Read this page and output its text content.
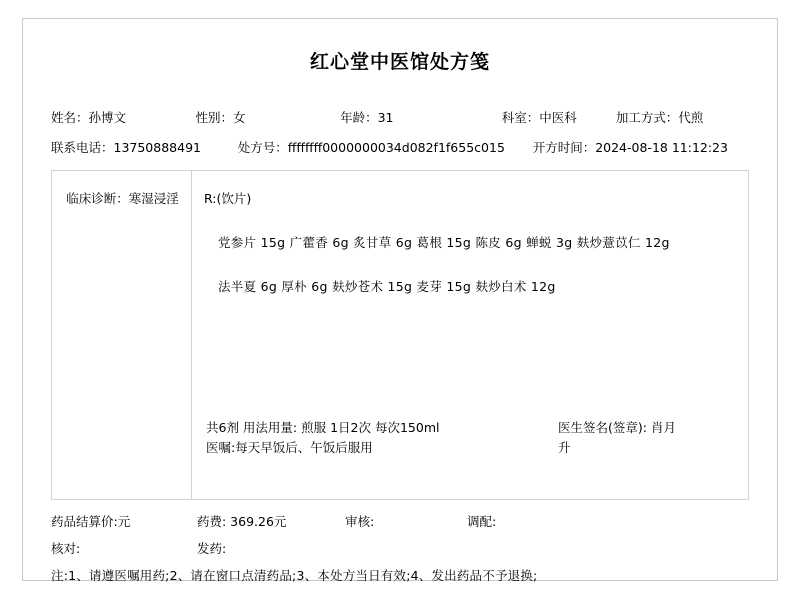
红心堂中医馆处方笺
姓名：孙博文	性别：女	年龄：31	科室：中医科	加工方式：代煎
联系电话：13750888491	处方号：ffffffff0000000034d082f1f655c015	开方时间：2024-08-18 11:12:23
临床诊断：寒湿浸淫	R:(饮片)
党参片 15g 广藿香 6g 炙甘草 6g 葛根 15g 陈皮 6g 蝉蜕 3g 麸炒薏苡仁 12g
法半夏 6g 厚朴 6g 麸炒苍术 15g 麦芽 15g 麸炒白术 12g
共6剂 用法用量: 煎服 1日2次 每次150ml
医嘱:每天早饭后、午饭后服用
医生签名(签章): 肖月
升
药品结算价:元	药费: 369.26元	审核:	调配:
核对:	发药:
注:1、请遵医嘱用药;2、请在窗口点清药品;3、本处方当日有效;4、发出药品不予退换;
